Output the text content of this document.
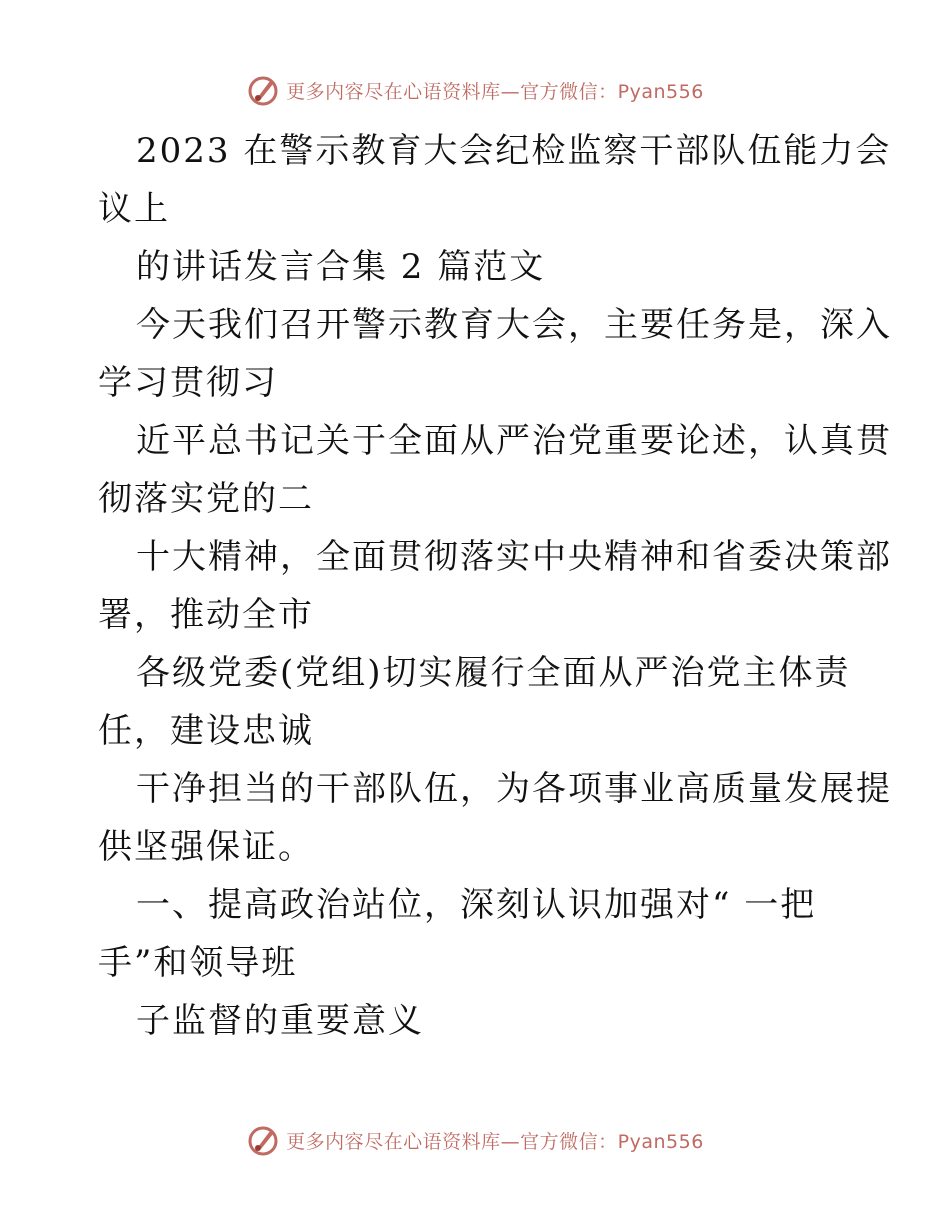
更多内容尽在心语资料库—官方微信：Pyan556
2023 在警示教育大会纪检监察干部队伍能力会
议上
的讲话发言合集 2 篇范文
今天我们召开警示教育大会，主要任务是，深入
学习贯彻习
近平总书记关于全面从严治党重要论述，认真贯
彻落实党的二
十大精神，全面贯彻落实中央精神和省委决策部
署，推动全市
各级党委(党组)切实履行全面从严治党主体责
任，建设忠诚
干净担当的干部队伍，为各项事业高质量发展提
供坚强保证。
一、提高政治站位，深刻认识加强对“ 一把
手”和领导班
子监督的重要意义
更多内容尽在心语资料库—官方微信：Pyan556
